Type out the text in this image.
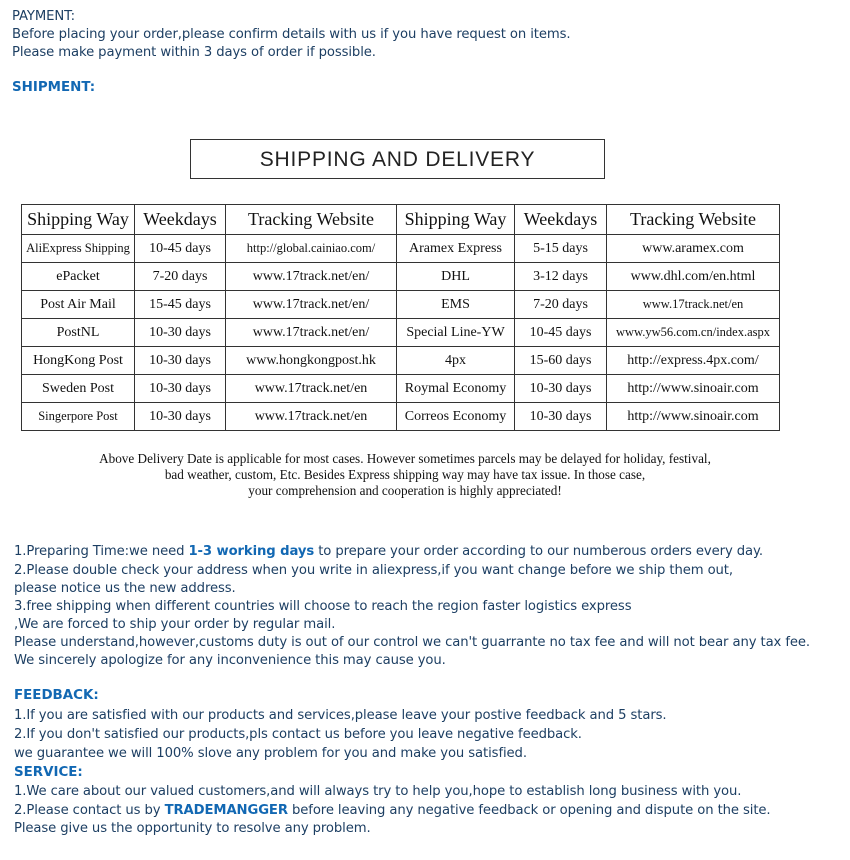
PAYMENT:
Before placing your order,please confirm details with us if you have request on items.
Please make payment within 3 days of order if possible.
SHIPMENT:
SHIPPING AND DELIVERY
Shipping Way	Weekdays	Tracking Website	Shipping Way	Weekdays	Tracking Website
AliExpress Shipping	10-45 days	http://global.cainiao.com/	Aramex Express	5-15 days	www.aramex.com
ePacket	7-20 days	www.17track.net/en/	DHL	3-12 days	www.dhl.com/en.html
Post Air Mail	15-45 days	www.17track.net/en/	EMS	7-20 days	www.17track.net/en
PostNL	10-30 days	www.17track.net/en/	Special Line-YW	10-45 days	www.yw56.com.cn/index.aspx
HongKong Post	10-30 days	www.hongkongpost.hk	4px	15-60 days	http://express.4px.com/
Sweden Post	10-30 days	www.17track.net/en	Roymal Economy	10-30 days	http://www.sinoair.com
Singerpore Post	10-30 days	www.17track.net/en	Correos Economy	10-30 days	http://www.sinoair.com
Above Delivery Date is applicable for most cases. However sometimes parcels may be delayed for holiday, festival,
bad weather, custom, Etc. Besides Express shipping way may have tax issue. In those case,
your comprehension and cooperation is highly appreciated!
1.Preparing Time:we need 1-3 working days to prepare your order according to our numberous orders every day.
2.Please double check your address when you write in aliexpress,if you want change before we ship them out,
please notice us the new address.
3.free shipping when different countries will choose to reach the region faster logistics express
,We are forced to ship your order by regular mail.
Please understand,however,customs duty is out of our control we can't guarrante no tax fee and will not bear any tax fee.
We sincerely apologize for any inconvenience this may cause you.
FEEDBACK:
1.If you are satisfied with our products and services,please leave your postive feedback and 5 stars.
2.If you don't satisfied our products,pls contact us before you leave negative feedback.
we guarantee we will 100% slove any problem for you and make you satisfied.
SERVICE:
1.We care about our valued customers,and will always try to help you,hope to establish long business with you.
2.Please contact us by TRADEMANGGER before leaving any negative feedback or opening and dispute on the site.
Please give us the opportunity to resolve any problem.
